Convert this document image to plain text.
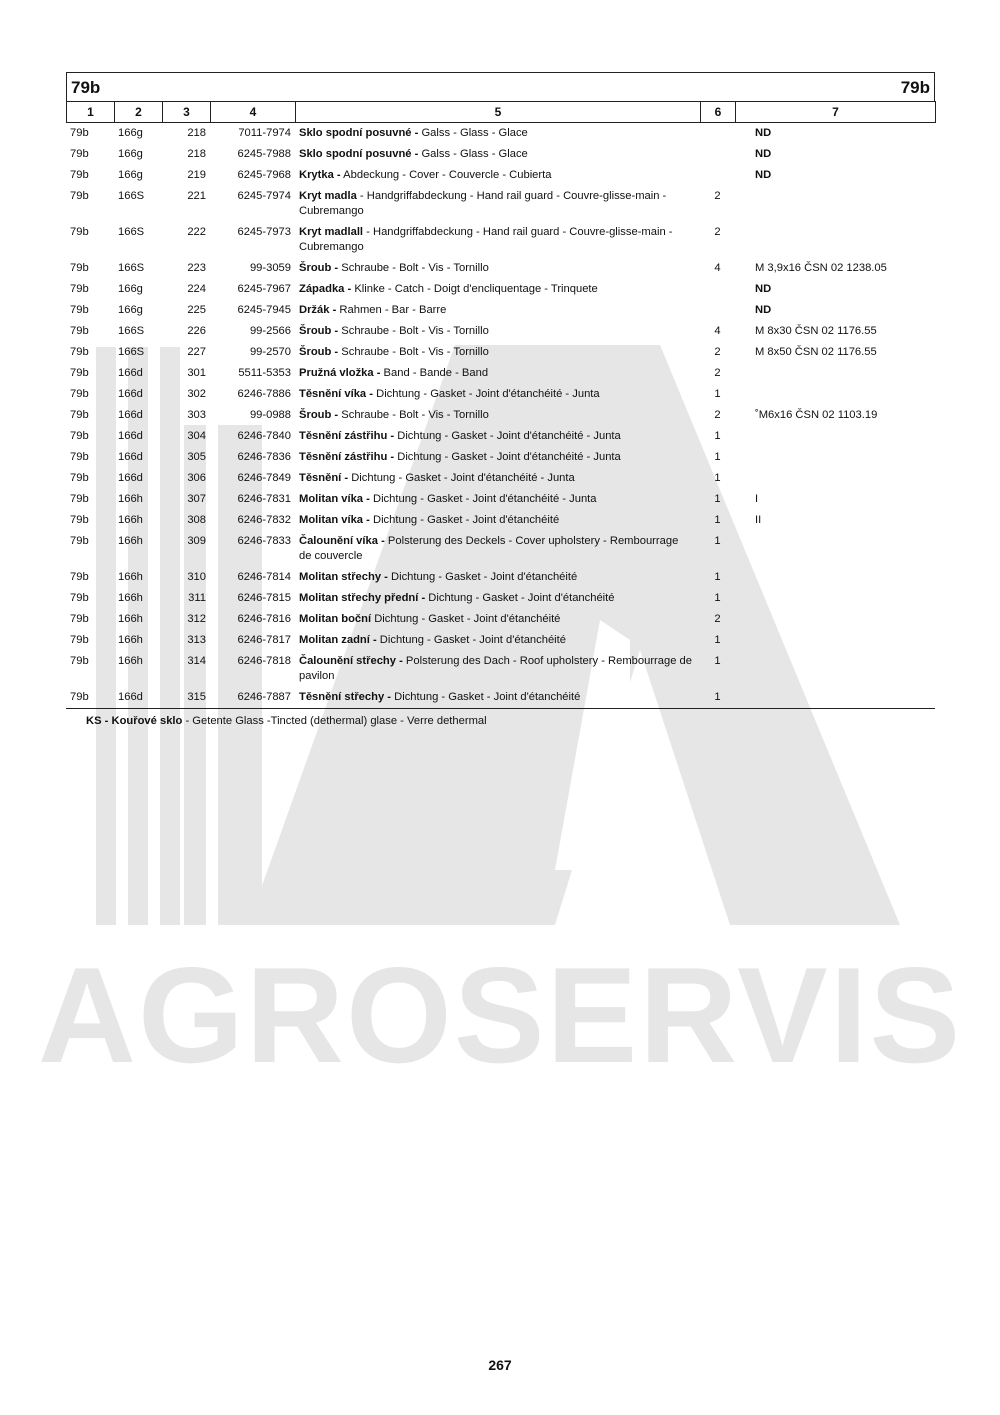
AGROSERVIS
79b	79b
1	2	3	4	5	6	7
79b	166g	218	7011-7974	Sklo spodní posuvné - Galss - Glass - Glace		ND
79b	166g	218	6245-7988	Sklo spodní posuvné - Galss - Glass - Glace		ND
79b	166g	219	6245-7968	Krytka - Abdeckung - Cover - Couvercle - Cubierta		ND
79b	166S	221	6245-7974	Kryt madla - Handgriffabdeckung - Hand rail guard - Couvre-glisse-main - Cubremango	2	
79b	166S	222	6245-7973	Kryt madlall - Handgriffabdeckung - Hand rail guard - Couvre-glisse-main - Cubremango	2	
79b	166S	223	99-3059	Šroub - Schraube - Bolt - Vis - Tornillo	4	M 3,9x16 ČSN 02 1238.05
79b	166g	224	6245-7967	Západka - Klinke - Catch - Doigt d'encliquentage - Trinquete		ND
79b	166g	225	6245-7945	Držák - Rahmen - Bar - Barre		ND
79b	166S	226	99-2566	Šroub - Schraube - Bolt - Vis - Tornillo	4	M 8x30 ČSN 02 1176.55
79b	166S	227	99-2570	Šroub - Schraube - Bolt - Vis - Tornillo	2	M 8x50 ČSN 02 1176.55
79b	166d	301	5511-5353	Pružná vložka - Band - Bande - Band	2	
79b	166d	302	6246-7886	Těsnění víka - Dichtung - Gasket - Joint d'étanchéité - Junta	1	
79b	166d	303	99-0988	Šroub - Schraube - Bolt - Vis - Tornillo	2	˚M6x16 ČSN 02 1103.19
79b	166d	304	6246-7840	Těsnění zástřihu - Dichtung - Gasket - Joint d'étanchéité - Junta	1	
79b	166d	305	6246-7836	Těsnění zástřihu - Dichtung - Gasket - Joint d'étanchéité - Junta	1	
79b	166d	306	6246-7849	Těsnění - Dichtung - Gasket - Joint d'étanchéité - Junta	1	
79b	166h	307	6246-7831	Molitan víka - Dichtung - Gasket - Joint d'étanchéité - Junta	1	I
79b	166h	308	6246-7832	Molitan víka - Dichtung - Gasket - Joint d'étanchéité	1	II
79b	166h	309	6246-7833	Čalounění víka - Polsterung des Deckels - Cover upholstery - Rembourrage de couvercle	1	
79b	166h	310	6246-7814	Molitan střechy - Dichtung - Gasket - Joint d'étanchéité	1	
79b	166h	311	6246-7815	Molitan střechy přední - Dichtung - Gasket - Joint d'étanchéité	1	
79b	166h	312	6246-7816	Molitan boční Dichtung - Gasket - Joint d'étanchéité	2	
79b	166h	313	6246-7817	Molitan zadní - Dichtung - Gasket - Joint d'étanchéité	1	
79b	166h	314	6246-7818	Čalounění střechy - Polsterung des Dach - Roof upholstery - Rembourrage de pavilon	1	
79b	166d	315	6246-7887	Těsnění střechy - Dichtung - Gasket - Joint d'étanchéité	1	
KS - Kouřové sklo - Getente Glass -Tincted (dethermal) glase - Verre dethermal
267
